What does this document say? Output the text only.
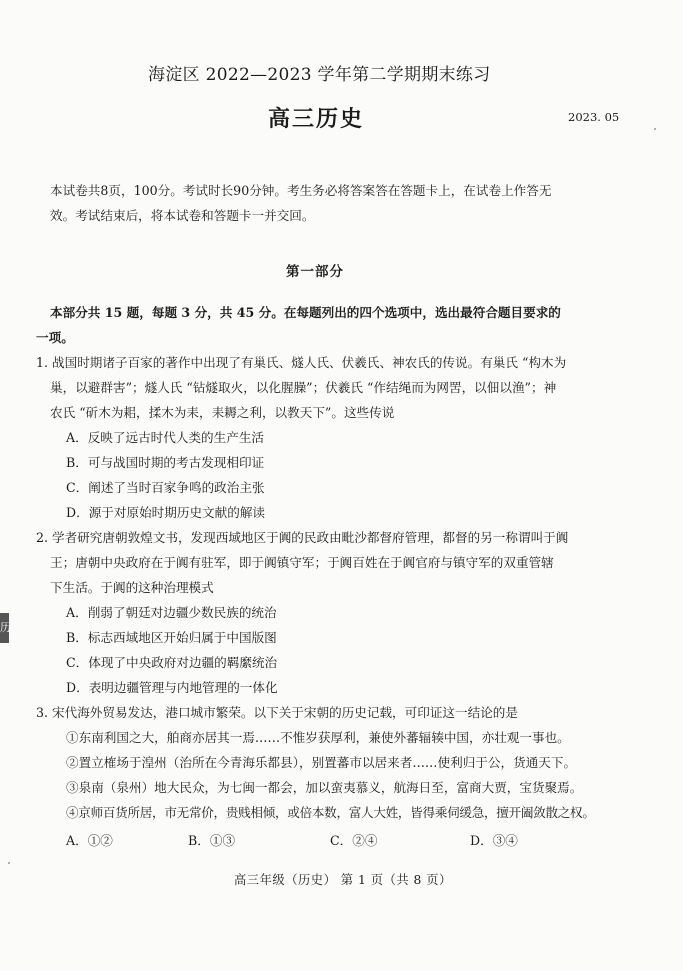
海淀区 2022—2023 学年第二学期期末练习
高三历史	2023. 05
本试卷共8页，100分。考试时长90分钟。考生务必将答案答在答题卡上，在试卷上作答无
效。考试结束后，将本试卷和答题卡一并交回。
第一部分
本部分共 15 题，每题 3 分，共 45 分。在每题列出的四个选项中，选出最符合题目要求的
一项。
1. 战国时期诸子百家的著作中出现了有巢氏、燧人氏、伏羲氏、神农氏的传说。有巢氏 “构木为
巢，以避群害”；燧人氏 “钻燧取火，以化腥臊”；伏羲氏 “作结绳而为网罟，以佃以渔”；神
农氏 “斫木为耜，揉木为耒，耒耨之利，以教天下”。这些传说
A．反映了远古时代人类的生产生活
B．可与战国时期的考古发现相印证
C．阐述了当时百家争鸣的政治主张
D．源于对原始时期历史文献的解读
2. 学者研究唐朝敦煌文书，发现西域地区于阗的民政由毗沙都督府管理，都督的另一称谓叫于阗
王；唐朝中央政府在于阗有驻军，即于阗镇守军；于阗百姓在于阗官府与镇守军的双重管辖
下生活。于阗的这种治理模式
A．削弱了朝廷对边疆少数民族的统治
B．标志西域地区开始归属于中国版图
C．体现了中央政府对边疆的羁縻统治
D．表明边疆管理与内地管理的一体化
3. 宋代海外贸易发达，港口城市繁荣。以下关于宋朝的历史记载，可印证这一结论的是
①东南利国之大，舶商亦居其一焉……不惟岁获厚利，兼使外蕃辐辏中国，亦壮观一事也。
②置立榷场于湟州（治所在今青海乐都县），别置蕃市以居来者……使利归于公，货通天下。
③泉南（泉州）地大民众，为七闽一都会，加以蛮夷慕义，航海日至，富商大贾，宝货聚焉。
④京师百货所居，市无常价，贵贱相倾，或倍本数，富人大姓，皆得乘伺缓急，擅开阖敛散之权。
A．①②	B．①③	C．②④	D．③④
高三年级（历史） 第 1 页（共 8 页）
历
